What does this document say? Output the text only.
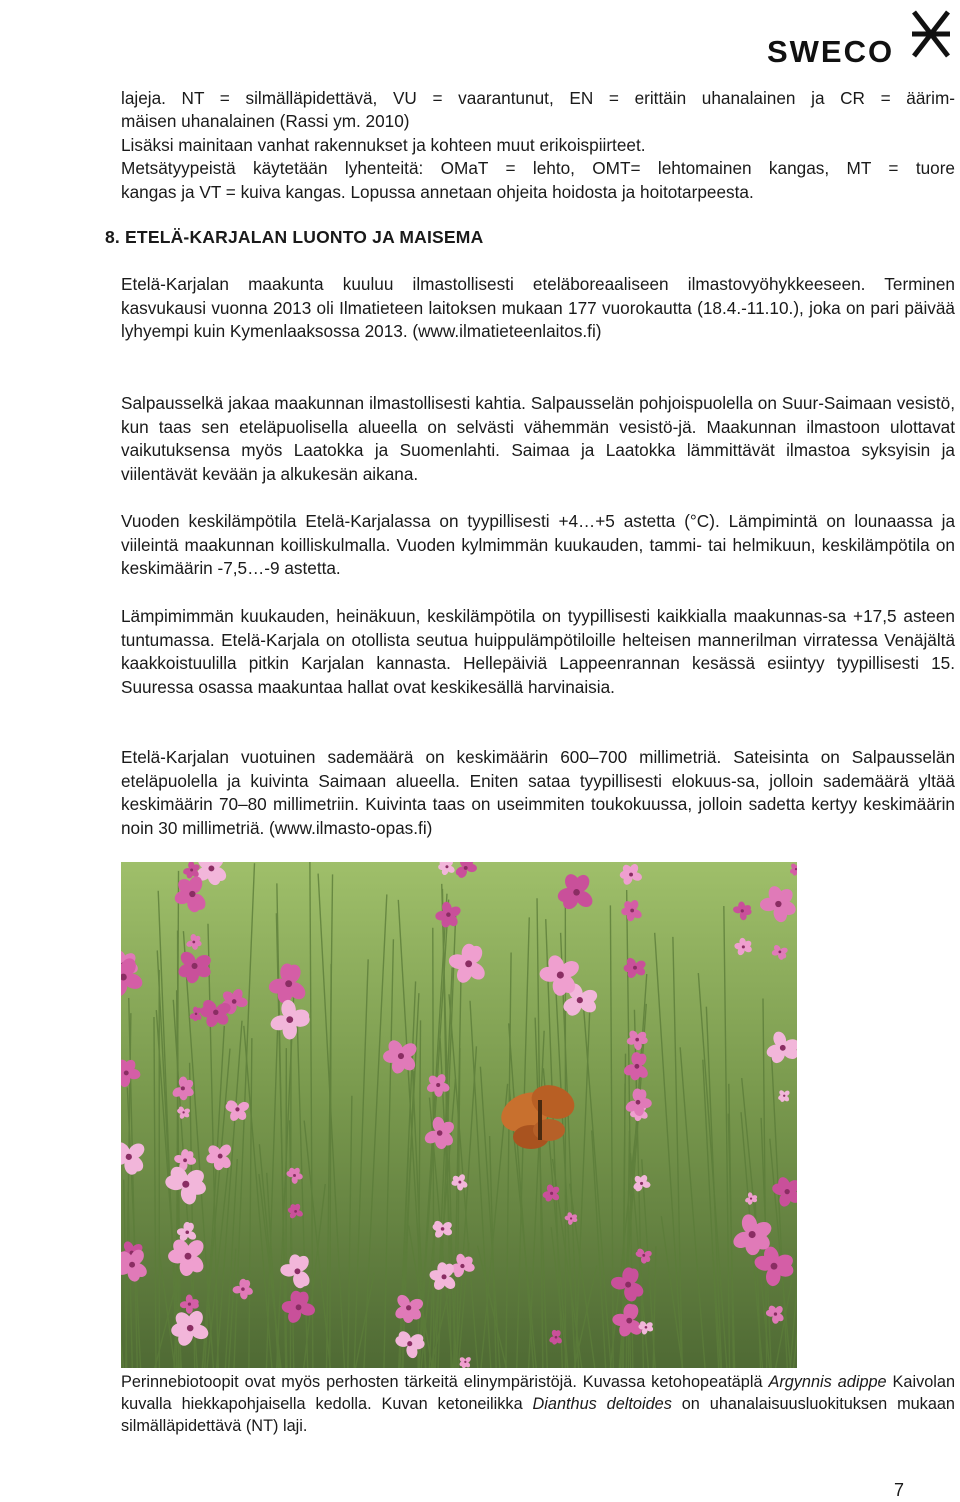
SWECO

lajeja. NT = silmälläpidettävä, VU = vaarantunut, EN = erittäin uhanalainen ja CR = äärim-

mäisen uhanalainen (Rassi ym. 2010)

Lisäksi mainitaan vanhat rakennukset ja kohteen muut erikoispiirteet.

Metsätyypeistä käytetään lyhenteitä: OMaT = lehto, OMT= lehtomainen kangas, MT = tuore

kangas ja VT = kuiva kangas. Lopussa annetaan ohjeita hoidosta ja hoitotarpeesta.

8. ETELÄ-KARJALAN LUONTO JA MAISEMA

Etelä-Karjalan maakunta kuuluu ilmastollisesti eteläboreaaliseen ilmastovyöhykkeeseen. Terminen kasvukausi vuonna 2013 oli Ilmatieteen laitoksen mukaan 177 vuorokautta (18.4.-11.10.), joka on pari päivää lyhyempi kuin Kymenlaaksossa 2013. (www.ilmatieteenlaitos.fi)

Salpausselkä jakaa maakunnan ilmastollisesti kahtia. Salpausselän pohjoispuolella on Suur-Saimaan vesistö, kun taas sen eteläpuolisella alueella on selvästi vähemmän vesistö-jä. Maakunnan ilmastoon ulottavat vaikutuksensa myös Laatokka ja Suomenlahti. Saimaa ja Laatokka lämmittävät ilmastoa syksyisin ja viilentävät kevään ja alkukesän aikana.

Vuoden keskilämpötila Etelä-Karjalassa on tyypillisesti +4…+5 astetta (°C). Lämpimintä on lounaassa ja viileintä maakunnan koilliskulmalla. Vuoden kylmimmän kuukauden, tammi- tai helmikuun, keskilämpötila on keskimäärin -7,5…-9 astetta.

Lämpimimmän kuukauden, heinäkuun, keskilämpötila on tyypillisesti kaikkialla maakunnas-sa +17,5 asteen tuntumassa. Etelä-Karjala on otollista seutua huippulämpötiloille helteisen mannerilman virratessa Venäjältä kaakkoistuulilla pitkin Karjalan kannasta. Hellepäiviä Lappeenrannan kesässä esiintyy tyypillisesti 15. Suuressa osassa maakuntaa hallat ovat keskikesällä harvinaisia.

Etelä-Karjalan vuotuinen sademäärä on keskimäärin 600–700 millimetriä. Sateisinta on Salpausselän eteläpuolella ja kuivinta Saimaan alueella. Eniten sataa tyypillisesti elokuus-sa, jolloin sademäärä yltää keskimäärin 70–80 millimetriin. Kuivinta taas on useimmiten toukokuussa, jolloin sadetta kertyy keskimäärin noin 30 millimetriä. (www.ilmasto-opas.fi)

Perinnebiotoopit ovat myös perhosten tärkeitä elinympäristöjä. Kuvassa ketohopeatäplä Argynnis adippe Kaivolan kuvalla hiekkapohjaisella kedolla. Kuvan ketoneilikka Dianthus deltoides on uhanalaisuusluokituksen mukaan silmälläpidettävä (NT) laji.

7
